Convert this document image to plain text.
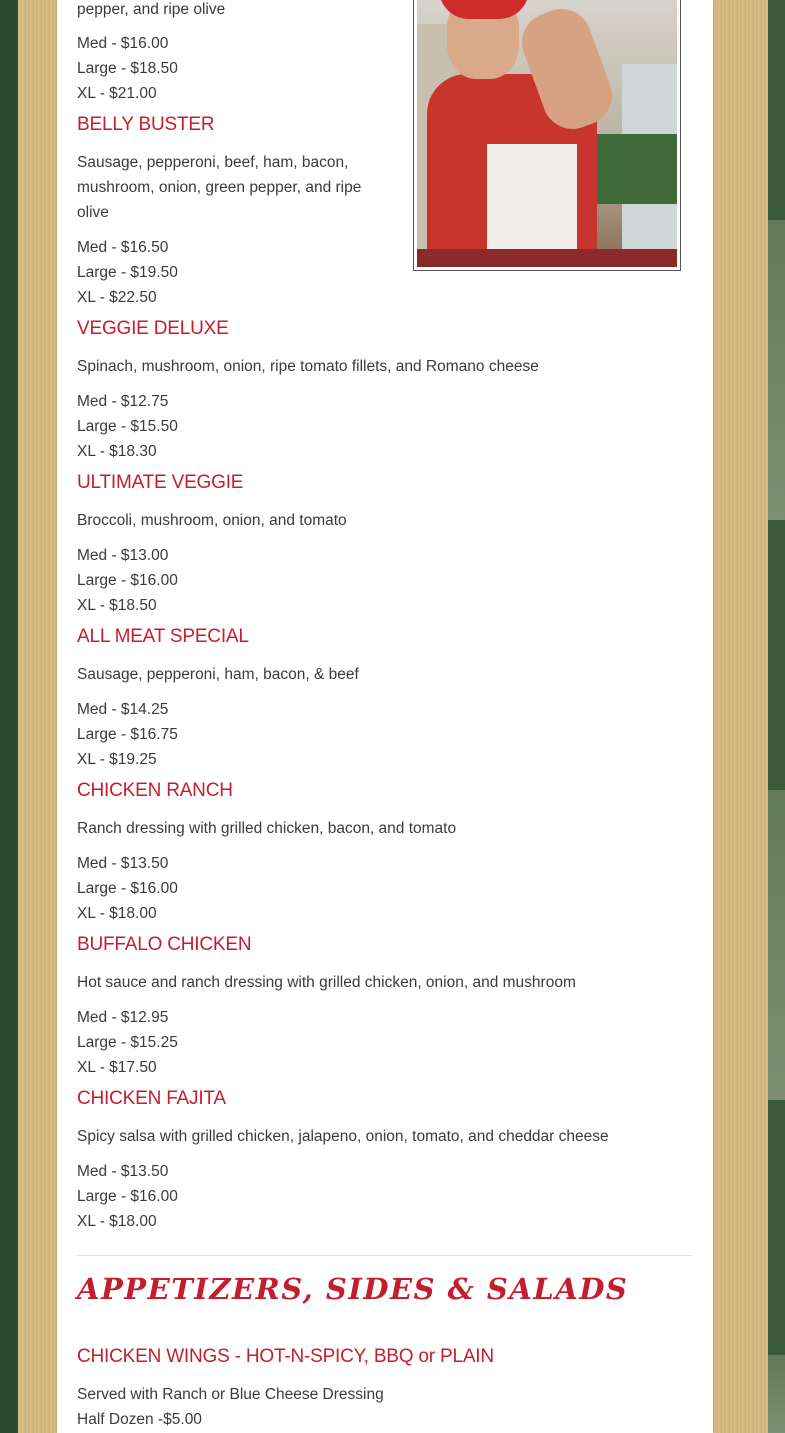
pepper, and ripe olive

Med - $16.00

Large - $18.50

XL - $21.00

BELLY BUSTER

Sausage, pepperoni, beef, ham, bacon,

mushroom, onion, green pepper, and ripe

olive

Med - $16.50

Large - $19.50

XL - $22.50

VEGGIE DELUXE

Spinach, mushroom, onion, ripe tomato fillets, and Romano cheese

Med - $12.75

Large - $15.50

XL - $18.30

ULTIMATE VEGGIE

Broccoli, mushroom, onion, and tomato

Med - $13.00

Large - $16.00

XL - $18.50

ALL MEAT SPECIAL

Sausage, pepperoni, ham, bacon, & beef

Med - $14.25

Large - $16.75

XL - $19.25

CHICKEN RANCH

Ranch dressing with grilled chicken, bacon, and tomato

Med - $13.50

Large - $16.00

XL - $18.00

BUFFALO CHICKEN

Hot sauce and ranch dressing with grilled chicken, onion, and mushroom

Med - $12.95

Large - $15.25

XL - $17.50

CHICKEN FAJITA

Spicy salsa with grilled chicken, jalapeno, onion, tomato, and cheddar cheese

Med - $13.50

Large - $16.00

XL - $18.00

APPETIZERS, SIDES & SALADS
CHICKEN WINGS - HOT-N-SPICY, BBQ or PLAIN

Served with Ranch or Blue Cheese Dressing

Half Dozen -$5.00
